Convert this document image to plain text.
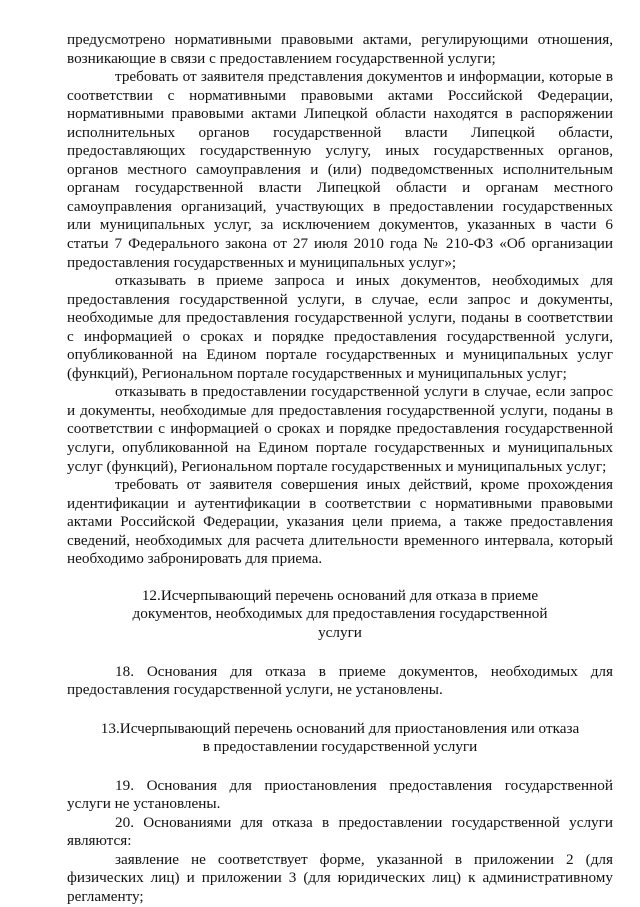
предусмотрено нормативными правовыми актами, регулирующими отношения,
возникающие в связи с предоставлением государственной услуги;
требовать от заявителя представления документов и информации, которые в
соответствии с нормативными правовыми актами Российской Федерации,
нормативными правовыми актами Липецкой области находятся в распоряжении
исполнительных органов государственной власти Липецкой области,
предоставляющих государственную услугу, иных государственных органов,
органов местного самоуправления и (или) подведомственных исполнительным
органам государственной власти Липецкой области и органам местного
самоуправления организаций, участвующих в предоставлении государственных
или муниципальных услуг, за исключением документов, указанных в части 6
статьи 7 Федерального закона от 27 июля 2010 года № 210-ФЗ «Об организации
предоставления государственных и муниципальных услуг»;
отказывать в приеме запроса и иных документов, необходимых для
предоставления государственной услуги, в случае, если запрос и документы,
необходимые для предоставления государственной услуги, поданы в соответствии
с информацией о сроках и порядке предоставления государственной услуги,
опубликованной на Едином портале государственных и муниципальных услуг
(функций), Региональном портале государственных и муниципальных услуг;
отказывать в предоставлении государственной услуги в случае, если запрос
и документы, необходимые для предоставления государственной услуги, поданы в
соответствии с информацией о сроках и порядке предоставления государственной
услуги, опубликованной на Едином портале государственных и муниципальных
услуг (функций), Региональном портале государственных и муниципальных услуг;
требовать от заявителя совершения иных действий, кроме прохождения
идентификации и аутентификации в соответствии с нормативными правовыми
актами Российской Федерации, указания цели приема, а также предоставления
сведений, необходимых для расчета длительности временного интервала, который
необходимо забронировать для приема.
12.Исчерпывающий перечень оснований для отказа в приеме
документов, необходимых для предоставления государственной
услуги
18. Основания для отказа в приеме документов, необходимых для
предоставления государственной услуги, не установлены.
13.Исчерпывающий перечень оснований для приостановления или отказа
в предоставлении государственной услуги
19. Основания для приостановления предоставления государственной
услуги не установлены.
20. Основаниями для отказа в предоставлении государственной услуги
являются:
заявление не соответствует форме, указанной в приложении 2 (для
физических лиц) и приложении 3 (для юридических лиц) к административному
регламенту;
